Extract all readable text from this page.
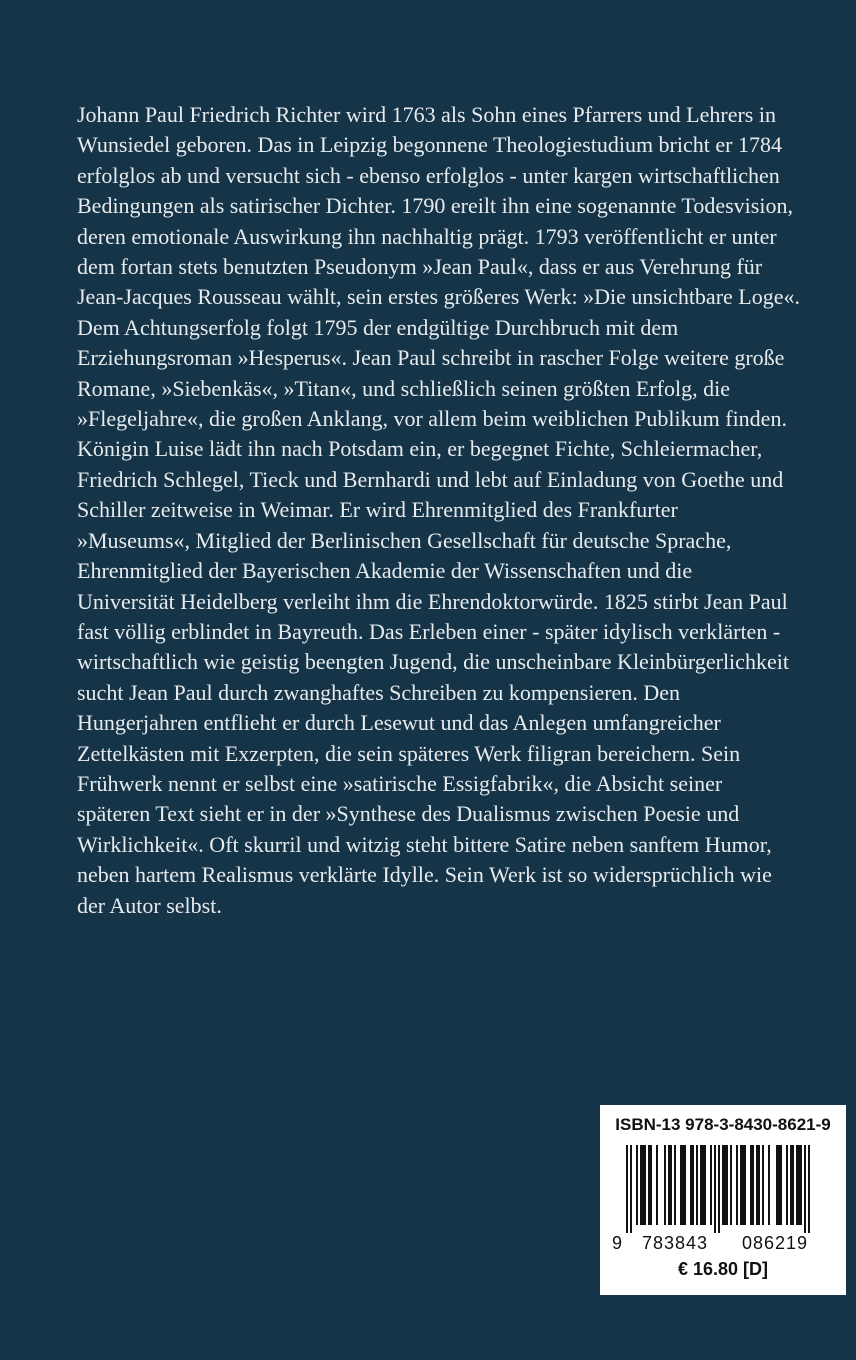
Johann Paul Friedrich Richter wird 1763 als Sohn eines Pfarrers und Lehrers in
Wunsiedel geboren. Das in Leipzig begonnene Theologiestudium bricht er 1784
erfolglos ab und versucht sich - ebenso erfolglos - unter kargen wirtschaftlichen
Bedingungen als satirischer Dichter. 1790 ereilt ihn eine sogenannte Todesvision,
deren emotionale Auswirkung ihn nachhaltig prägt. 1793 veröffentlicht er unter
dem fortan stets benutzten Pseudonym »Jean Paul«, dass er aus Verehrung für
Jean-Jacques Rousseau wählt, sein erstes größeres Werk: »Die unsichtbare Loge«.
Dem Achtungserfolg folgt 1795 der endgültige Durchbruch mit dem
Erziehungsroman »Hesperus«. Jean Paul schreibt in rascher Folge weitere große
Romane, »Siebenkäs«, »Titan«, und schließlich seinen größten Erfolg, die
»Flegeljahre«, die großen Anklang, vor allem beim weiblichen Publikum finden.
Königin Luise lädt ihn nach Potsdam ein, er begegnet Fichte, Schleiermacher,
Friedrich Schlegel, Tieck und Bernhardi und lebt auf Einladung von Goethe und
Schiller zeitweise in Weimar. Er wird Ehrenmitglied des Frankfurter
»Museums«, Mitglied der Berlinischen Gesellschaft für deutsche Sprache,
Ehrenmitglied der Bayerischen Akademie der Wissenschaften und die
Universität Heidelberg verleiht ihm die Ehrendoktorwürde. 1825 stirbt Jean Paul
fast völlig erblindet in Bayreuth. Das Erleben einer - später idylisch verklärten -
wirtschaftlich wie geistig beengten Jugend, die unscheinbare Kleinbürgerlichkeit
sucht Jean Paul durch zwanghaftes Schreiben zu kompensieren. Den
Hungerjahren entflieht er durch Lesewut und das Anlegen umfangreicher
Zettelkästen mit Exzerpten, die sein späteres Werk filigran bereichern. Sein
Frühwerk nennt er selbst eine »satirische Essigfabrik«, die Absicht seiner
späteren Text sieht er in der »Synthese des Dualismus zwischen Poesie und
Wirklichkeit«. Oft skurril und witzig steht bittere Satire neben sanftem Humor,
neben hartem Realismus verklärte Idylle. Sein Werk ist so widersprüchlich wie
der Autor selbst.
ISBN-13 978-3-8430-8621-9
9 783843 086219
€ 16.80 [D]
